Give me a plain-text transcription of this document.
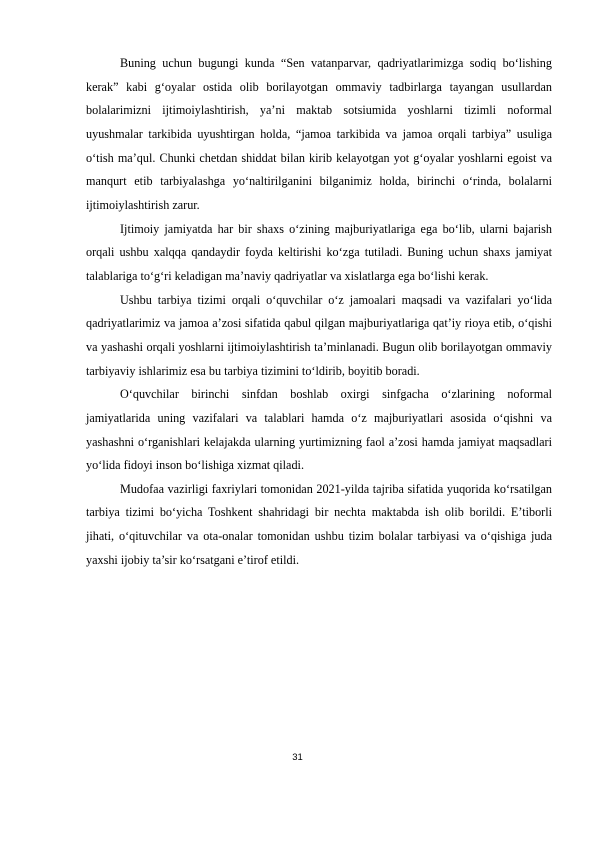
Buning uchun bugungi kunda “Sen vatanparvar, qadriyatlarimizga sodiq bo‘lishing kerak” kabi g‘oyalar ostida olib borilayotgan ommaviy tadbirlarga tayangan usullardan bolalarimizni ijtimoiylashtirish, ya’ni maktab sotsiumida yoshlarni tizimli noformal uyushmalar tarkibida uyushtirgan holda, “jamoa tarkibida va jamoa orqali tarbiya” usuliga o‘tish ma’qul. Chunki chetdan shiddat bilan kirib kelayotgan yot g‘oyalar yoshlarni egoist va manqurt etib tarbiyalashga yo‘naltirilganini bilganimiz holda, birinchi o‘rinda, bolalarni ijtimoiylashtirish zarur.

Ijtimoiy jamiyatda har bir shaxs o‘zining majburiyatlariga ega bo‘lib, ularni bajarish orqali ushbu xalqqa qandaydir foyda keltirishi ko‘zga tutiladi. Buning uchun shaxs jamiyat talablariga to‘g‘ri keladigan ma’naviy qadriyatlar va xislatlarga ega bo‘lishi kerak.

Ushbu tarbiya tizimi orqali o‘quvchilar o‘z jamoalari maqsadi va vazifalari yo‘lida qadriyatlarimiz va jamoa a’zosi sifatida qabul qilgan majburiyatlariga qat’iy rioya etib, o‘qishi va yashashi orqali yoshlarni ijtimoiylashtirish ta’minlanadi. Bugun olib borilayotgan ommaviy tarbiyaviy ishlarimiz esa bu tarbiya tizimini to‘ldirib, boyitib boradi.

O‘quvchilar birinchi sinfdan boshlab oxirgi sinfgacha o‘zlarining noformal jamiyatlarida uning vazifalari va talablari hamda o‘z majburiyatlari asosida o‘qishni va yashashni o‘rganishlari kelajakda ularning yurtimizning faol a’zosi hamda jamiyat maqsadlari yo‘lida fidoyi inson bo‘lishiga xizmat qiladi.

Mudofaa vazirligi faxriylari tomonidan 2021-yilda tajriba sifatida yuqorida ko‘rsatilgan tarbiya tizimi bo‘yicha Toshkent shahridagi bir nechta maktabda ish olib borildi. E’tiborli jihati, o‘qituvchilar va ota-onalar tomonidan ushbu tizim bolalar tarbiyasi va o‘qishiga juda yaxshi ijobiy ta’sir ko‘rsatgani e’tirof etildi.

31
